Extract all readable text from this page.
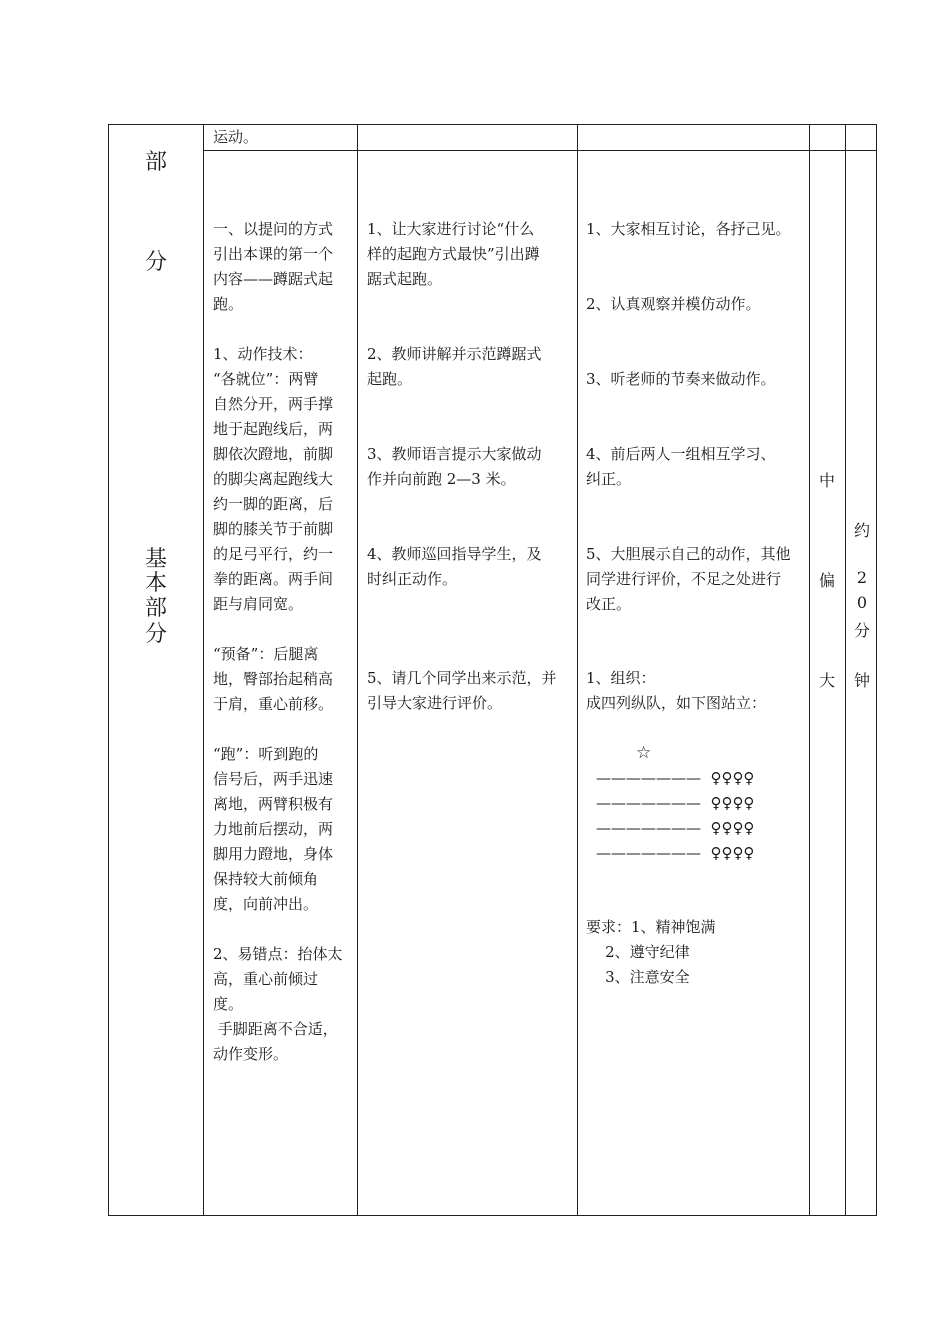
部
分
基
本
部
分
运动。
一、以提问的方式
引出本课的第一个
内容——蹲踞式起
跑。
1、动作技术：
“各就位”：两臂
自然分开，两手撑
地于起跑线后，两
脚依次蹬地，前脚
的脚尖离起跑线大
约一脚的距离，后
脚的膝关节于前脚
的足弓平行，约一
拳的距离。两手间
距与肩同宽。
“预备”：后腿离
地，臀部抬起稍高
于肩，重心前移。
“跑”：听到跑的
信号后，两手迅速
离地，两臂积极有
力地前后摆动，两
脚用力蹬地，身体
保持较大前倾角
度，向前冲出。
2、易错点：抬体太
高，重心前倾过
度。
手脚距离不合适，
动作变形。
1、让大家进行讨论“什么
样的起跑方式最快”引出蹲
踞式起跑。
2、教师讲解并示范蹲踞式
起跑。
3、教师语言提示大家做动
作并向前跑 2—3 米。
4、教师巡回指导学生，及
时纠正动作。
5、请几个同学出来示范，并
引导大家进行评价。
1、大家相互讨论，各抒己见。
2、认真观察并模仿动作。
3、听老师的节奏来做动作。
4、前后两人一组相互学习、
纠正。
5、大胆展示自己的动作，其他
同学进行评价，不足之处进行
改正。
1、组织：
成四列纵队，如下图站立：
☆
———————  ♀♀♀♀
———————  ♀♀♀♀
———————  ♀♀♀♀
———————  ♀♀♀♀
要求：1、精神饱满
2、遵守纪律
3、注意安全
中
偏
大
约
2
0
分
钟
